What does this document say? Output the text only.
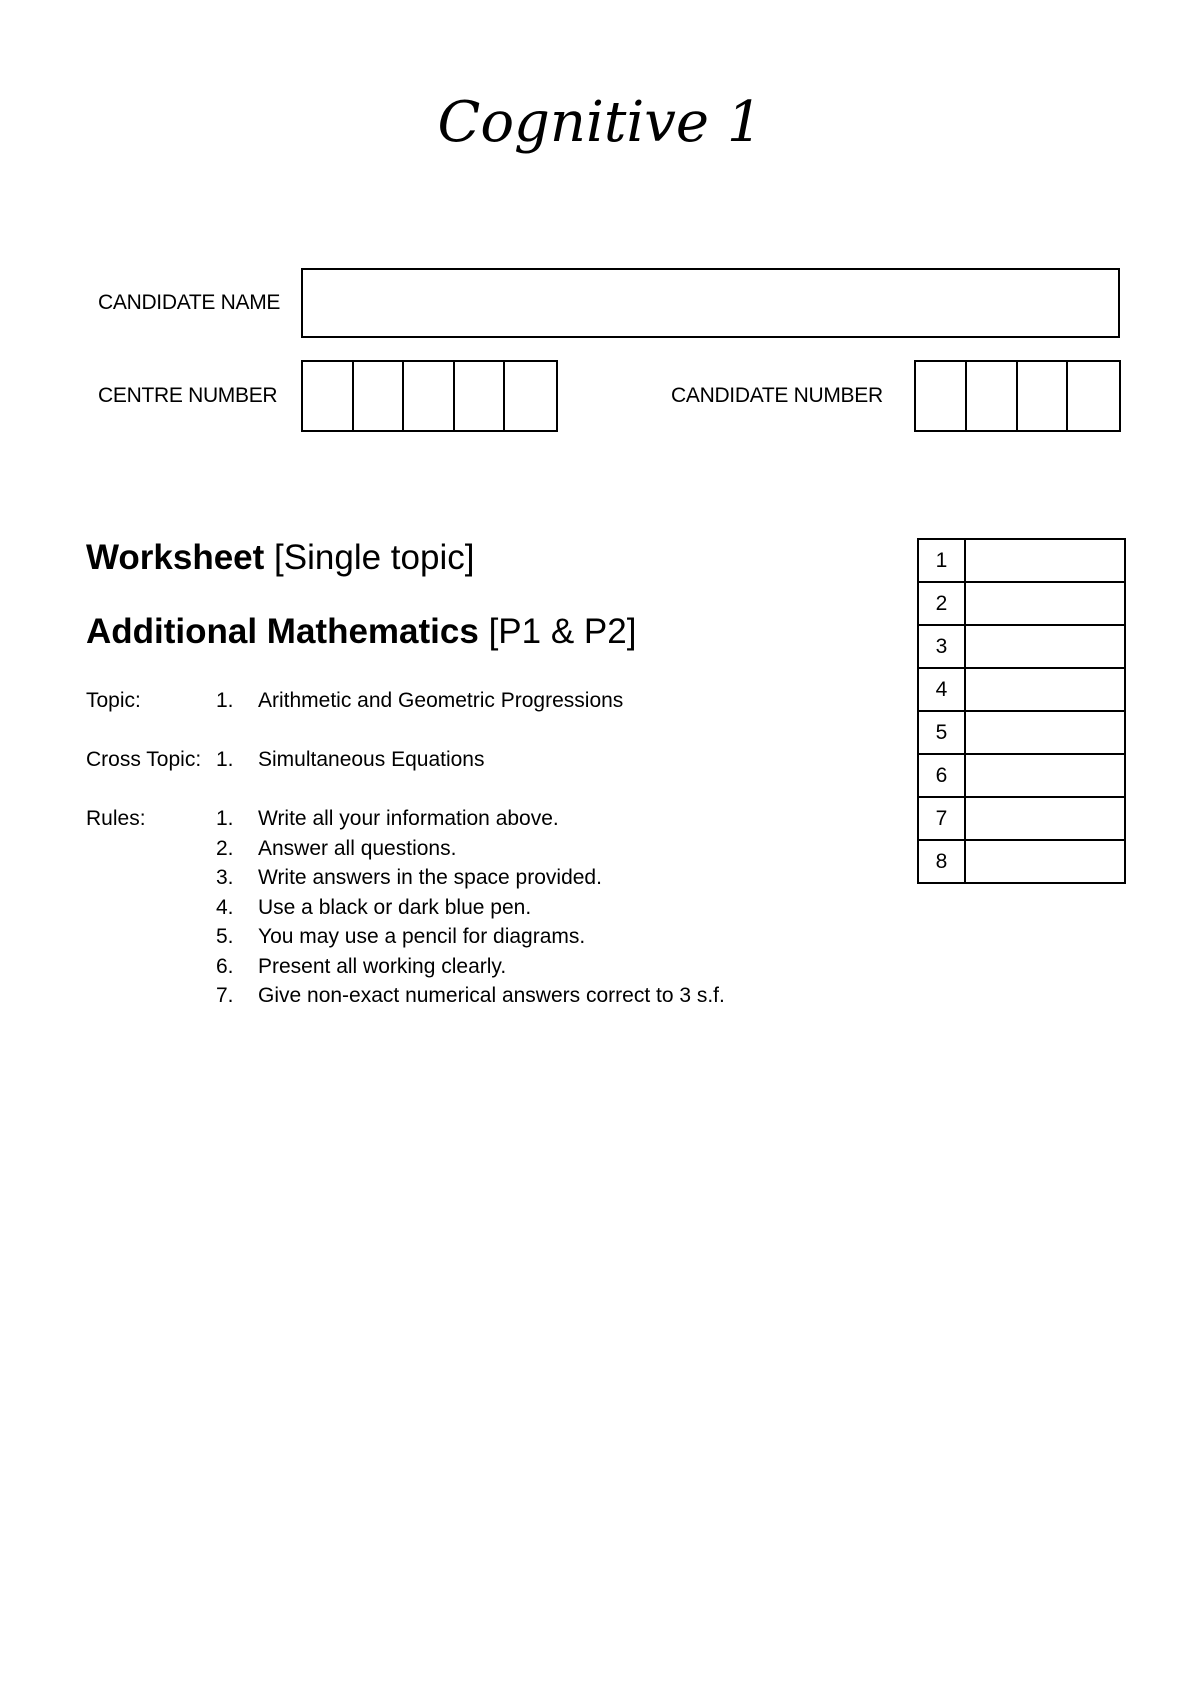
Cognitive 1
CANDIDATE NAME
CENTRE NUMBER	CANDIDATE NUMBER
Worksheet [Single topic]
Additional Mathematics [P1 & P2]
Topic:	1.	Arithmetic and Geometric Progressions
Cross Topic: 1.	Simultaneous Equations
Rules:	1.	Write all your information above.
2.	Answer all questions.
3.	Write answers in the space provided.
4.	Use a black or dark blue pen.
5.	You may use a pencil for diagrams.
6.	Present all working clearly.
7.	Give non-exact numerical answers correct to 3 s.f.
1	
2	
3	
4	
5	
6	
7	
8	
